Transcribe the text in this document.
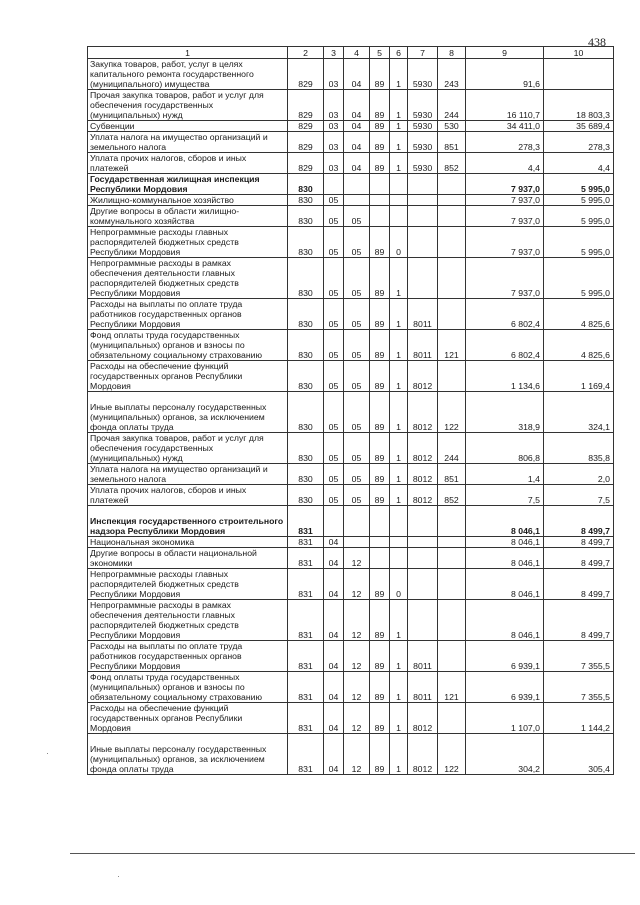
438
1	2	3	4	5	6	7	8	9	10
Закупка товаров, работ, услуг в целях капитального ремонта государственного (муниципального) имущества	829	03	04	89	1	5930	243	91,6	
Прочая закупка товаров, работ и услуг для обеспечения государственных (муниципальных) нужд	829	03	04	89	1	5930	244	16 110,7	18 803,3
Субвенции	829	03	04	89	1	5930	530	34 411,0	35 689,4
Уплата налога на имущество организаций и земельного налога	829	03	04	89	1	5930	851	278,3	278,3
Уплата прочих налогов, сборов и иных платежей	829	03	04	89	1	5930	852	4,4	4,4
Государственная жилищная инспекция Республики Мордовия	830							7 937,0	5 995,0
Жилищно-коммунальное хозяйство	830	05						7 937,0	5 995,0
Другие вопросы в области жилищно-коммунального хозяйства	830	05	05					7 937,0	5 995,0
Непрограммные расходы главных распорядителей бюджетных средств Республики Мордовия	830	05	05	89	0			7 937,0	5 995,0
Непрограммные расходы в рамках обеспечения деятельности главных распорядителей бюджетных средств Республики Мордовия	830	05	05	89	1			7 937,0	5 995,0
Расходы на выплаты по оплате труда работников государственных органов Республики Мордовия	830	05	05	89	1	8011		6 802,4	4 825,6
Фонд оплаты труда государственных (муниципальных) органов и взносы по обязательному социальному страхованию	830	05	05	89	1	8011	121	6 802,4	4 825,6
Расходы на обеспечение функций государственных органов Республики Мордовия	830	05	05	89	1	8012		1 134,6	1 169,4
Иные выплаты персоналу государственных (муниципальных) органов, за исключением фонда оплаты труда	830	05	05	89	1	8012	122	318,9	324,1
Прочая закупка товаров, работ и услуг для обеспечения государственных (муниципальных) нужд	830	05	05	89	1	8012	244	806,8	835,8
Уплата налога на имущество организаций и земельного налога	830	05	05	89	1	8012	851	1,4	2,0
Уплата прочих налогов, сборов и иных платежей	830	05	05	89	1	8012	852	7,5	7,5
Инспекция государственного строительного надзора Республики Мордовия	831							8 046,1	8 499,7
Национальная экономика	831	04						8 046,1	8 499,7
Другие вопросы в области национальной экономики	831	04	12					8 046,1	8 499,7
Непрограммные расходы главных распорядителей бюджетных средств Республики Мордовия	831	04	12	89	0			8 046,1	8 499,7
Непрограммные расходы в рамках обеспечения деятельности главных распорядителей бюджетных средств Республики Мордовия	831	04	12	89	1			8 046,1	8 499,7
Расходы на выплаты по оплате труда работников государственных органов Республики Мордовия	831	04	12	89	1	8011		6 939,1	7 355,5
Фонд оплаты труда государственных (муниципальных) органов и взносы по обязательному социальному страхованию	831	04	12	89	1	8011	121	6 939,1	7 355,5
Расходы на обеспечение функций государственных органов Республики Мордовия	831	04	12	89	1	8012		1 107,0	1 144,2
Иные выплаты персоналу государственных (муниципальных) органов, за исключением фонда оплаты труда	831	04	12	89	1	8012	122	304,2	305,4
